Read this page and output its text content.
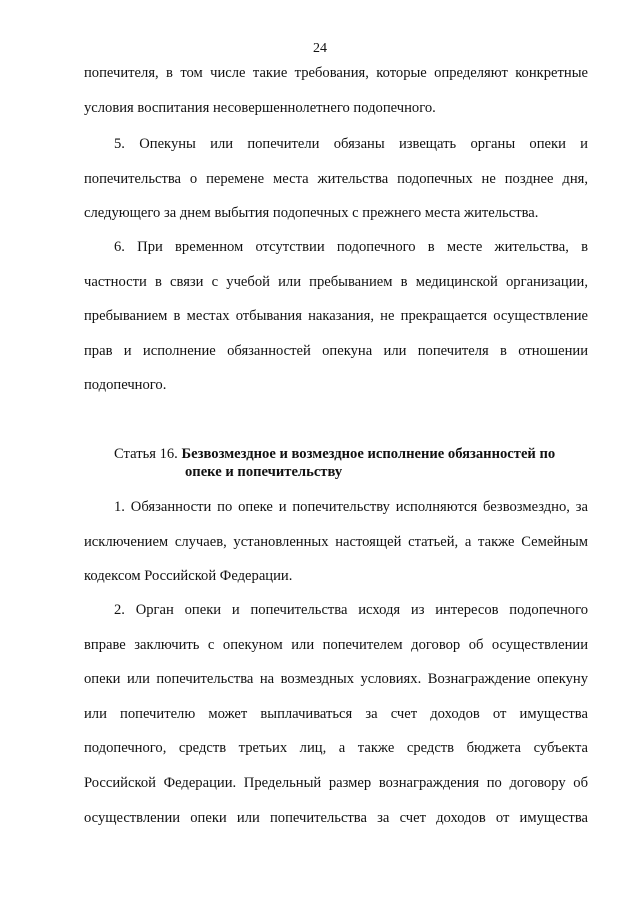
24
попечителя, в том числе такие требования, которые определяют конкретные
условия воспитания несовершеннолетнего подопечного.
5. Опекуны или попечители обязаны извещать органы опеки и
попечительства о перемене места жительства подопечных не позднее дня,
следующего за днем выбытия подопечных с прежнего места жительства.
6. При временном отсутствии подопечного в месте жительства, в
частности в связи с учебой или пребыванием в медицинской организации,
пребыванием в местах отбывания наказания, не прекращается осуществление
прав и исполнение обязанностей опекуна или попечителя в отношении
подопечного.
Статья 16. Безвозмездное и возмездное исполнение обязанностей по
опеке и попечительству
1. Обязанности по опеке и попечительству исполняются безвозмездно, за
исключением случаев, установленных настоящей статьей, а также Семейным
кодексом Российской Федерации.
2. Орган опеки и попечительства исходя из интересов подопечного
вправе заключить с опекуном или попечителем договор об осуществлении
опеки или попечительства на возмездных условиях. Вознаграждение опекуну
или попечителю может выплачиваться за счет доходов от имущества
подопечного, средств третьих лиц, а также средств бюджета субъекта
Российской Федерации. Предельный размер вознаграждения по договору об
осуществлении опеки или попечительства за счет доходов от имущества
